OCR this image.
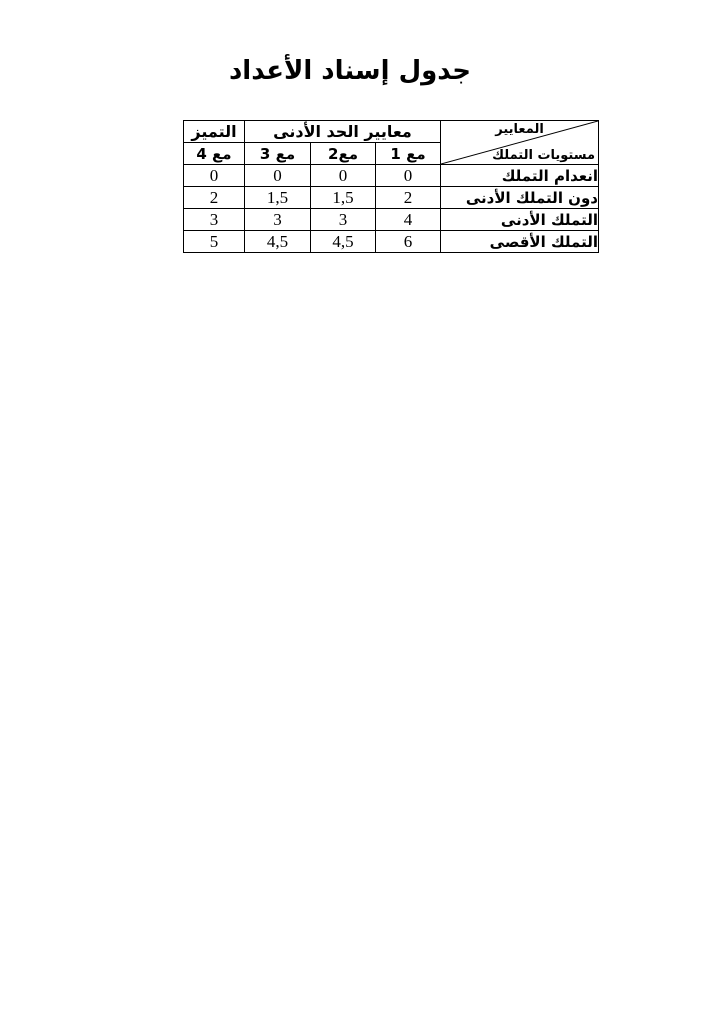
جدول إسناد الأعداد
المعايير
مستويات التملك	معايير الحد الأدنى			التميز
	مع 1	مع2	مع 3	مع 4
انعدام التملك	0	0	0	0
دون التملك الأدنى	2	1,5	1,5	2
التملك الأدنى	4	3	3	3
التملك الأقصى	6	4,5	4,5	5
